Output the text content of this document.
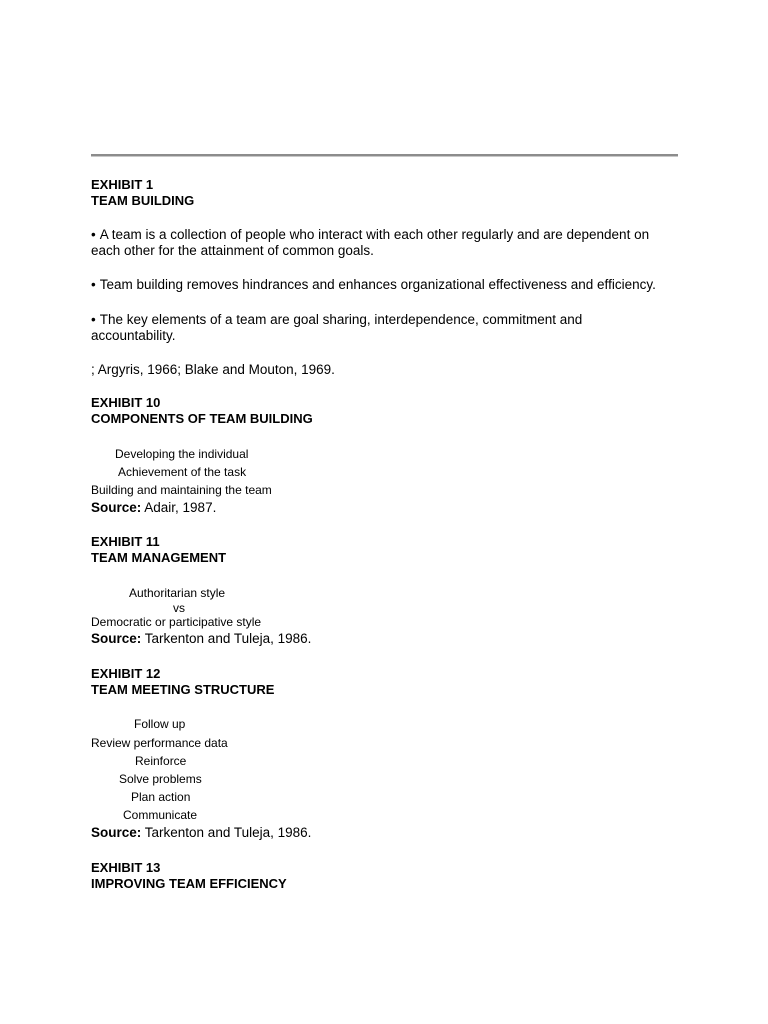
EXHIBIT 1
TEAM BUILDING
• A team is a collection of people who interact with each other regularly and are dependent on
each other for the attainment of common goals.
• Team building removes hindrances and enhances organizational effectiveness and efficiency.
• The key elements of a team are goal sharing, interdependence, commitment and
accountability.
; Argyris, 1966; Blake and Mouton, 1969.
EXHIBIT 10
COMPONENTS OF TEAM BUILDING
Developing the individual
Achievement of the task
Building and maintaining the team
Source: Adair, 1987.
EXHIBIT 11
TEAM MANAGEMENT
Authoritarian style
vs
Democratic or participative style
Source: Tarkenton and Tuleja, 1986.
EXHIBIT 12
TEAM MEETING STRUCTURE
Follow up
Review performance data
Reinforce
Solve problems
Plan action
Communicate
Source: Tarkenton and Tuleja, 1986.
EXHIBIT 13
IMPROVING TEAM EFFICIENCY
